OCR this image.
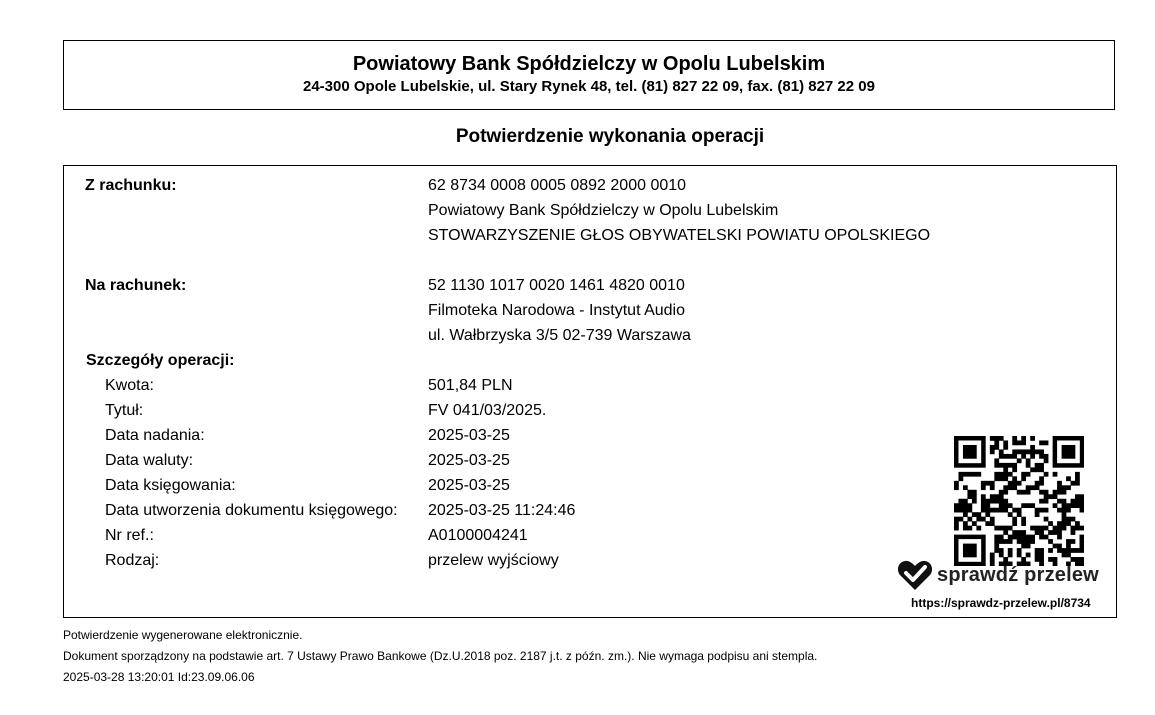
Powiatowy Bank Spółdzielczy w Opolu Lubelskim
24-300 Opole Lubelskie, ul. Stary Rynek 48, tel. (81) 827 22 09, fax. (81) 827 22 09
Potwierdzenie wykonania operacji
Z rachunku:	62 8734 0008 0005 0892 2000 0010
Powiatowy Bank Spółdzielczy w Opolu Lubelskim
STOWARZYSZENIE GŁOS OBYWATELSKI POWIATU OPOLSKIEGO
Na rachunek:	52 1130 1017 0020 1461 4820 0010
Filmoteka Narodowa - Instytut Audio
ul. Wałbrzyska 3/5 02-739 Warszawa
Szczegóły operacji:
Kwota:	501,84 PLN
Tytuł:	FV 041/03/2025.
Data nadania:	2025-03-25
Data waluty:	2025-03-25
Data księgowania:	2025-03-25
Data utworzenia dokumentu księgowego: 2025-03-25 11:24:46
Nr ref.:	A0100004241
Rodzaj:	przelew wyjściowy
sprawdź przelew
https://sprawdz-przelew.pl/8734
Potwierdzenie wygenerowane elektronicznie.
Dokument sporządzony na podstawie art. 7 Ustawy Prawo Bankowe (Dz.U.2018 poz. 2187 j.t. z późn. zm.). Nie wymaga podpisu ani stempla.
2025-03-28 13:20:01 Id:23.09.06.06
